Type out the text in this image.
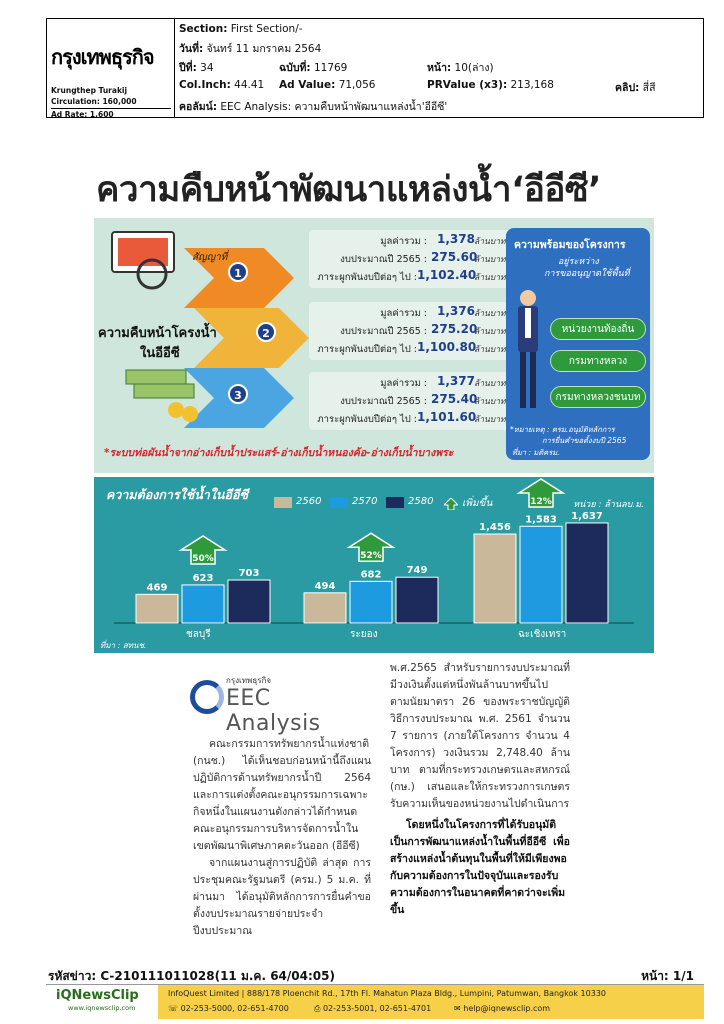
กรุงเทพธุรกิจ
Krungthep Turakij
Circulation: 160,000
Ad Rate: 1,600
Section: First Section/-
วันที่: จันทร์ 11 มกราคม 2564
ปีที่: 34	ฉบับที่: 11769	หน้า: 10(ล่าง)
Col.Inch: 44.41 Ad Value: 71,056	PRValue (x3): 213,168	คลิป: สี่สี
คอลัมน์: EEC Analysis: ความคืบหน้าพัฒนาแหล่งน้ำ'อีอีซี'
ความคืบหน้าพัฒนาแหล่งน้ำ‘อีอีซี’
สัญญาที่
1
2
3
ความคืบหน้าโครงน้ำ
ในอีอีซี
มูลค่ารวม : 1,378 ล้านบาท
งบประมาณปี 2565 : 275.60
ล้านบาท
ภาระผูกพันงบปีต่อๆ ไป : 1,102.40
ล้านบาท
มูลค่ารวม : 1,376 ล้านบาท
งบประมาณปี 2565 : 275.20
ล้านบาท
ภาระผูกพันงบปีต่อๆ ไป : 1,100.80
ล้านบาท
มูลค่ารวม : 1,377 ล้านบาท
งบประมาณปี 2565 : 275.40
ล้านบาท
ภาระผูกพันงบปีต่อๆ ไป : 1,101.60
ล้านบาท
*ระบบท่อผันน้ำจากอ่างเก็บน้ำประแสร์-อ่างเก็บน้ำหนองค้อ-อ่างเก็บน้ำบางพระ
ความพร้อมของโครงการ
อยู่ระหว่าง
การขออนุญาตใช้พื้นที่
หน่วยงานท้องถิ่น
กรมทางหลวง
กรมทางหลวงชนบท
*หมายเหตุ : ครม.อนุมัติหลักการ
การยื่นคำขอตั้งงบปี 2565
ที่มา : มติครม.
ความต้องการใช้น้ำในอีอีซี	2560	2570	2580	เพิ่มขึ้น	หน่วย : ล้านลบ.ม.
469
623	703
50%
494
682	749
52%
1,456
1,583 1,637
12%
ชลบุรี	ระยอง	ฉะเชิงเทรา
ที่มา : สทนช.
กรุงเทพธุรกิจ
EEC Analysis

คณะกรรมการทรัพยากรน้ำแห่งชาติ (กนช.) ได้เห็นชอบก่อนหน้านี้ถึงแผนปฏิบัติการด้านทรัพยากรน้ำปี 2564 และการแต่งตั้งคณะอนุกรรมการเฉพาะกิจหนึ่งในแผนงานดังกล่าวได้กำหนดคณะอนุกรรมการบริหารจัดการน้ำในเขตพัฒนาพิเศษภาคตะวันออก (อีอีซี)

จากแผนงานสู่การปฏิบัติ ล่าสุด การประชุมคณะรัฐมนตรี (ครม.) 5 ม.ค. ที่ผ่านมา ได้อนุมัติหลักการการยื่นคำขอตั้งงบประมาณรายจ่ายประจำปีงบประมาณ

พ.ศ.2565 สำหรับรายการงบประมาณที่มีวงเงินตั้งแต่หนึ่งพันล้านบาทขึ้นไป ตามนัยมาตรา 26 ของพระราชบัญญัติวิธีการงบประมาณ พ.ศ. 2561 จำนวน 7 รายการ (ภายใต้โครงการ จำนวน 4 โครงการ) วงเงินรวม 2,748.40 ล้านบาท ตามที่กระทรวงเกษตรและสหกรณ์ (กษ.) เสนอและให้กระทรวงการเกษตรรับความเห็นของหน่วยงานไปดำเนินการ

โดยหนึ่งในโครงการที่ได้รับอนุมัติเป็นการพัฒนาแหล่งน้ำในพื้นที่อีอีซี เพื่อสร้างแหล่งน้ำต้นทุนในพื้นที่ให้มีเพียงพอกับความต้องการในปัจจุบันและรองรับความต้องการในอนาคตที่คาดว่าจะเพิ่มขึ้น

รหัสข่าว: C-210111011028(11 ม.ค. 64/04:05)	หน้า: 1/1
iQNewsClip
www.iqnewsclip.com
InfoQuest Limited | 888/178 Ploenchit Rd., 17th Fl. Mahatun Plaza Bldg., Lumpini, Patumwan, Bangkok 10330
☏ 02-253-5000, 02-651-4700	⎙ 02-253-5001, 02-651-4701	✉ help@iqnewsclip.com
